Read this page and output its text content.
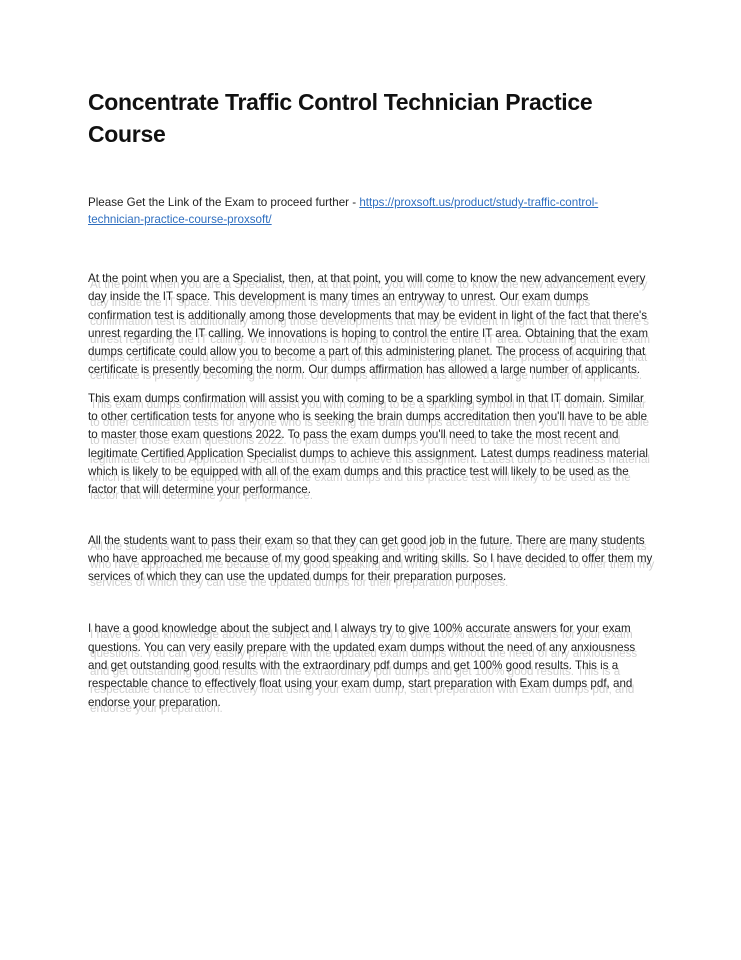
Concentrate Traffic Control Technician Practice Course

Please Get the Link of the Exam to proceed further - https://proxsoft.us/product/study-traffic-control-technician-practice-course-proxsoft/

At the point when you are a Specialist, then, at that point, you will come to know the new advancement every day inside the IT space. This development is many times an entryway to unrest. Our exam dumps confirmation test is additionally among those developments that may be evident in light of the fact that there's unrest regarding the IT calling. We innovations is hoping to control the entire IT area. Obtaining that the exam dumps certificate could allow you to become a part of this administering planet. The process of acquiring that certificate is presently becoming the norm. Our dumps affirmation has allowed a large number of applicants.

This exam dumps confirmation will assist you with coming to be a sparkling symbol in that IT domain. Similar to other certification tests for anyone who is seeking the brain dumps accreditation then you'll have to be able to master those exam questions 2022. To pass the exam dumps you'll need to take the most recent and legitimate Certified Application Specialist dumps to achieve this assignment. Latest dumps readiness material which is likely to be equipped with all of the exam dumps and this practice test will likely to be used as the factor that will determine your performance.

All the students want to pass their exam so that they can get good job in the future. There are many students who have approached me because of my good speaking and writing skills. So I have decided to offer them my services of which they can use the updated dumps for their preparation purposes.

I have a good knowledge about the subject and I always try to give 100% accurate answers for your exam questions. You can very easily prepare with the updated exam dumps without the need of any anxiousness and get outstanding good results with the extraordinary pdf dumps and get 100% good results. This is a respectable chance to effectively float using your exam dump, start preparation with Exam dumps pdf, and endorse your preparation.
